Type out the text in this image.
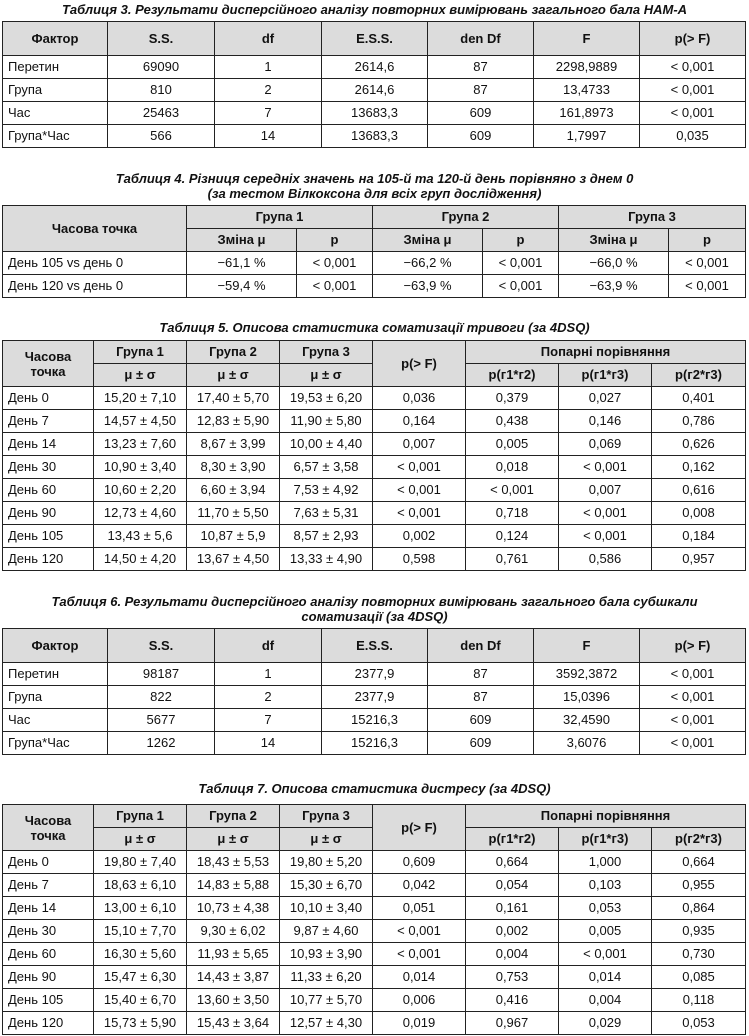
Таблиця 3. Результати дисперсійного аналізу повторних вимірювань загального бала HAM-A
Фактор	S.S.	df	E.S.S.	den Df	F	p(> F)
Перетин	69090	1	2614,6	87	2298,9889	< 0,001
Група	810	2	2614,6	87	13,4733	< 0,001
Час	25463	7	13683,3	609	161,8973	< 0,001
Група*Час	566	14	13683,3	609	1,7997	0,035
Таблиця 4. Різниця середніх значень на 105-й та 120-й день порівняно з днем 0
(за тестом Вілкоксона для всіх груп дослідження)
Часова точка	Група 1		Група 2		Група 3	
	Зміна μ	p	Зміна μ	p	Зміна μ	p
День 105 vs день 0	−61,1 %	< 0,001	−66,2 %	< 0,001	−66,0 %	< 0,001
День 120 vs день 0	−59,4 %	< 0,001	−63,9 %	< 0,001	−63,9 %	< 0,001
Таблиця 5. Описова статистика соматизації тривоги (за 4DSQ)
Часова точка	Група 1	Група 2	Група 3	p(> F)	Попарні порівняння		
	μ ± σ	μ ± σ	μ ± σ		p(г1*г2)	p(г1*г3)	p(г2*г3)
День 0	15,20 ± 7,10	17,40 ± 5,70	19,53 ± 6,20	0,036	0,379	0,027	0,401
День 7	14,57 ± 4,50	12,83 ± 5,90	11,90 ± 5,80	0,164	0,438	0,146	0,786
День 14	13,23 ± 7,60	8,67 ± 3,99	10,00 ± 4,40	0,007	0,005	0,069	0,626
День 30	10,90 ± 3,40	8,30 ± 3,90	6,57 ± 3,58	< 0,001	0,018	< 0,001	0,162
День 60	10,60 ± 2,20	6,60 ± 3,94	7,53 ± 4,92	< 0,001	< 0,001	0,007	0,616
День 90	12,73 ± 4,60	11,70 ± 5,50	7,63 ± 5,31	< 0,001	0,718	< 0,001	0,008
День 105	13,43 ± 5,6	10,87 ± 5,9	8,57 ± 2,93	0,002	0,124	< 0,001	0,184
День 120	14,50 ± 4,20	13,67 ± 4,50	13,33 ± 4,90	0,598	0,761	0,586	0,957
Таблиця 6. Результати дисперсійного аналізу повторних вимірювань загального бала субшкали
соматизації (за 4DSQ)
Фактор	S.S.	df	E.S.S.	den Df	F	p(> F)
Перетин	98187	1	2377,9	87	3592,3872	< 0,001
Група	822	2	2377,9	87	15,0396	< 0,001
Час	5677	7	15216,3	609	32,4590	< 0,001
Група*Час	1262	14	15216,3	609	3,6076	< 0,001
Таблиця 7. Описова статистика дистресу (за 4DSQ)
Часова точка	Група 1	Група 2	Група 3	p(> F)	Попарні порівняння		
	μ ± σ	μ ± σ	μ ± σ		p(г1*г2)	p(г1*г3)	p(г2*г3)
День 0	19,80 ± 7,40	18,43 ± 5,53	19,80 ± 5,20	0,609	0,664	1,000	0,664
День 7	18,63 ± 6,10	14,83 ± 5,88	15,30 ± 6,70	0,042	0,054	0,103	0,955
День 14	13,00 ± 6,10	10,73 ± 4,38	10,10 ± 3,40	0,051	0,161	0,053	0,864
День 30	15,10 ± 7,70	9,30 ± 6,02	9,87 ± 4,60	< 0,001	0,002	0,005	0,935
День 60	16,30 ± 5,60	11,93 ± 5,65	10,93 ± 3,90	< 0,001	0,004	< 0,001	0,730
День 90	15,47 ± 6,30	14,43 ± 3,87	11,33 ± 6,20	0,014	0,753	0,014	0,085
День 105	15,40 ± 6,70	13,60 ± 3,50	10,77 ± 5,70	0,006	0,416	0,004	0,118
День 120	15,73 ± 5,90	15,43 ± 3,64	12,57 ± 4,30	0,019	0,967	0,029	0,053
